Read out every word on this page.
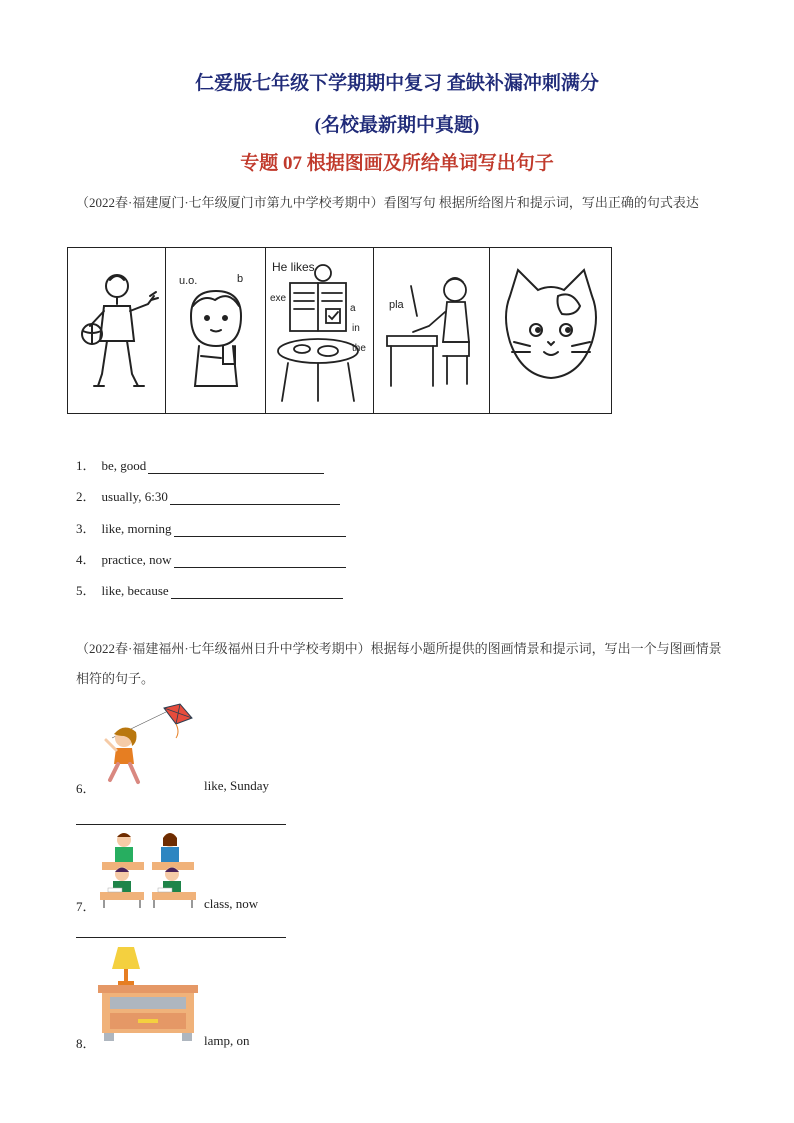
仁爱版七年级下学期期中复习 查缺补漏冲刺满分
(名校最新期中真题)
专题 07 根据图画及所给单词写出句子
（2022春·福建厦门·七年级厦门市第九中学校考期中）看图写句 根据所给图片和提示词，写出正确的句式表达
u.o.	b
He likes
exe
a
in
the
pla
1． be, good
2． usually, 6:30
3． like, morning
4． practice, now
5． like, because
（2022春·福建福州·七年级福州日升中学校考期中）根据每小题所提供的图画情景和提示词，写出一个与图画情景相符的句子。
6．	like, Sunday
7．	class, now
8．	lamp, on
